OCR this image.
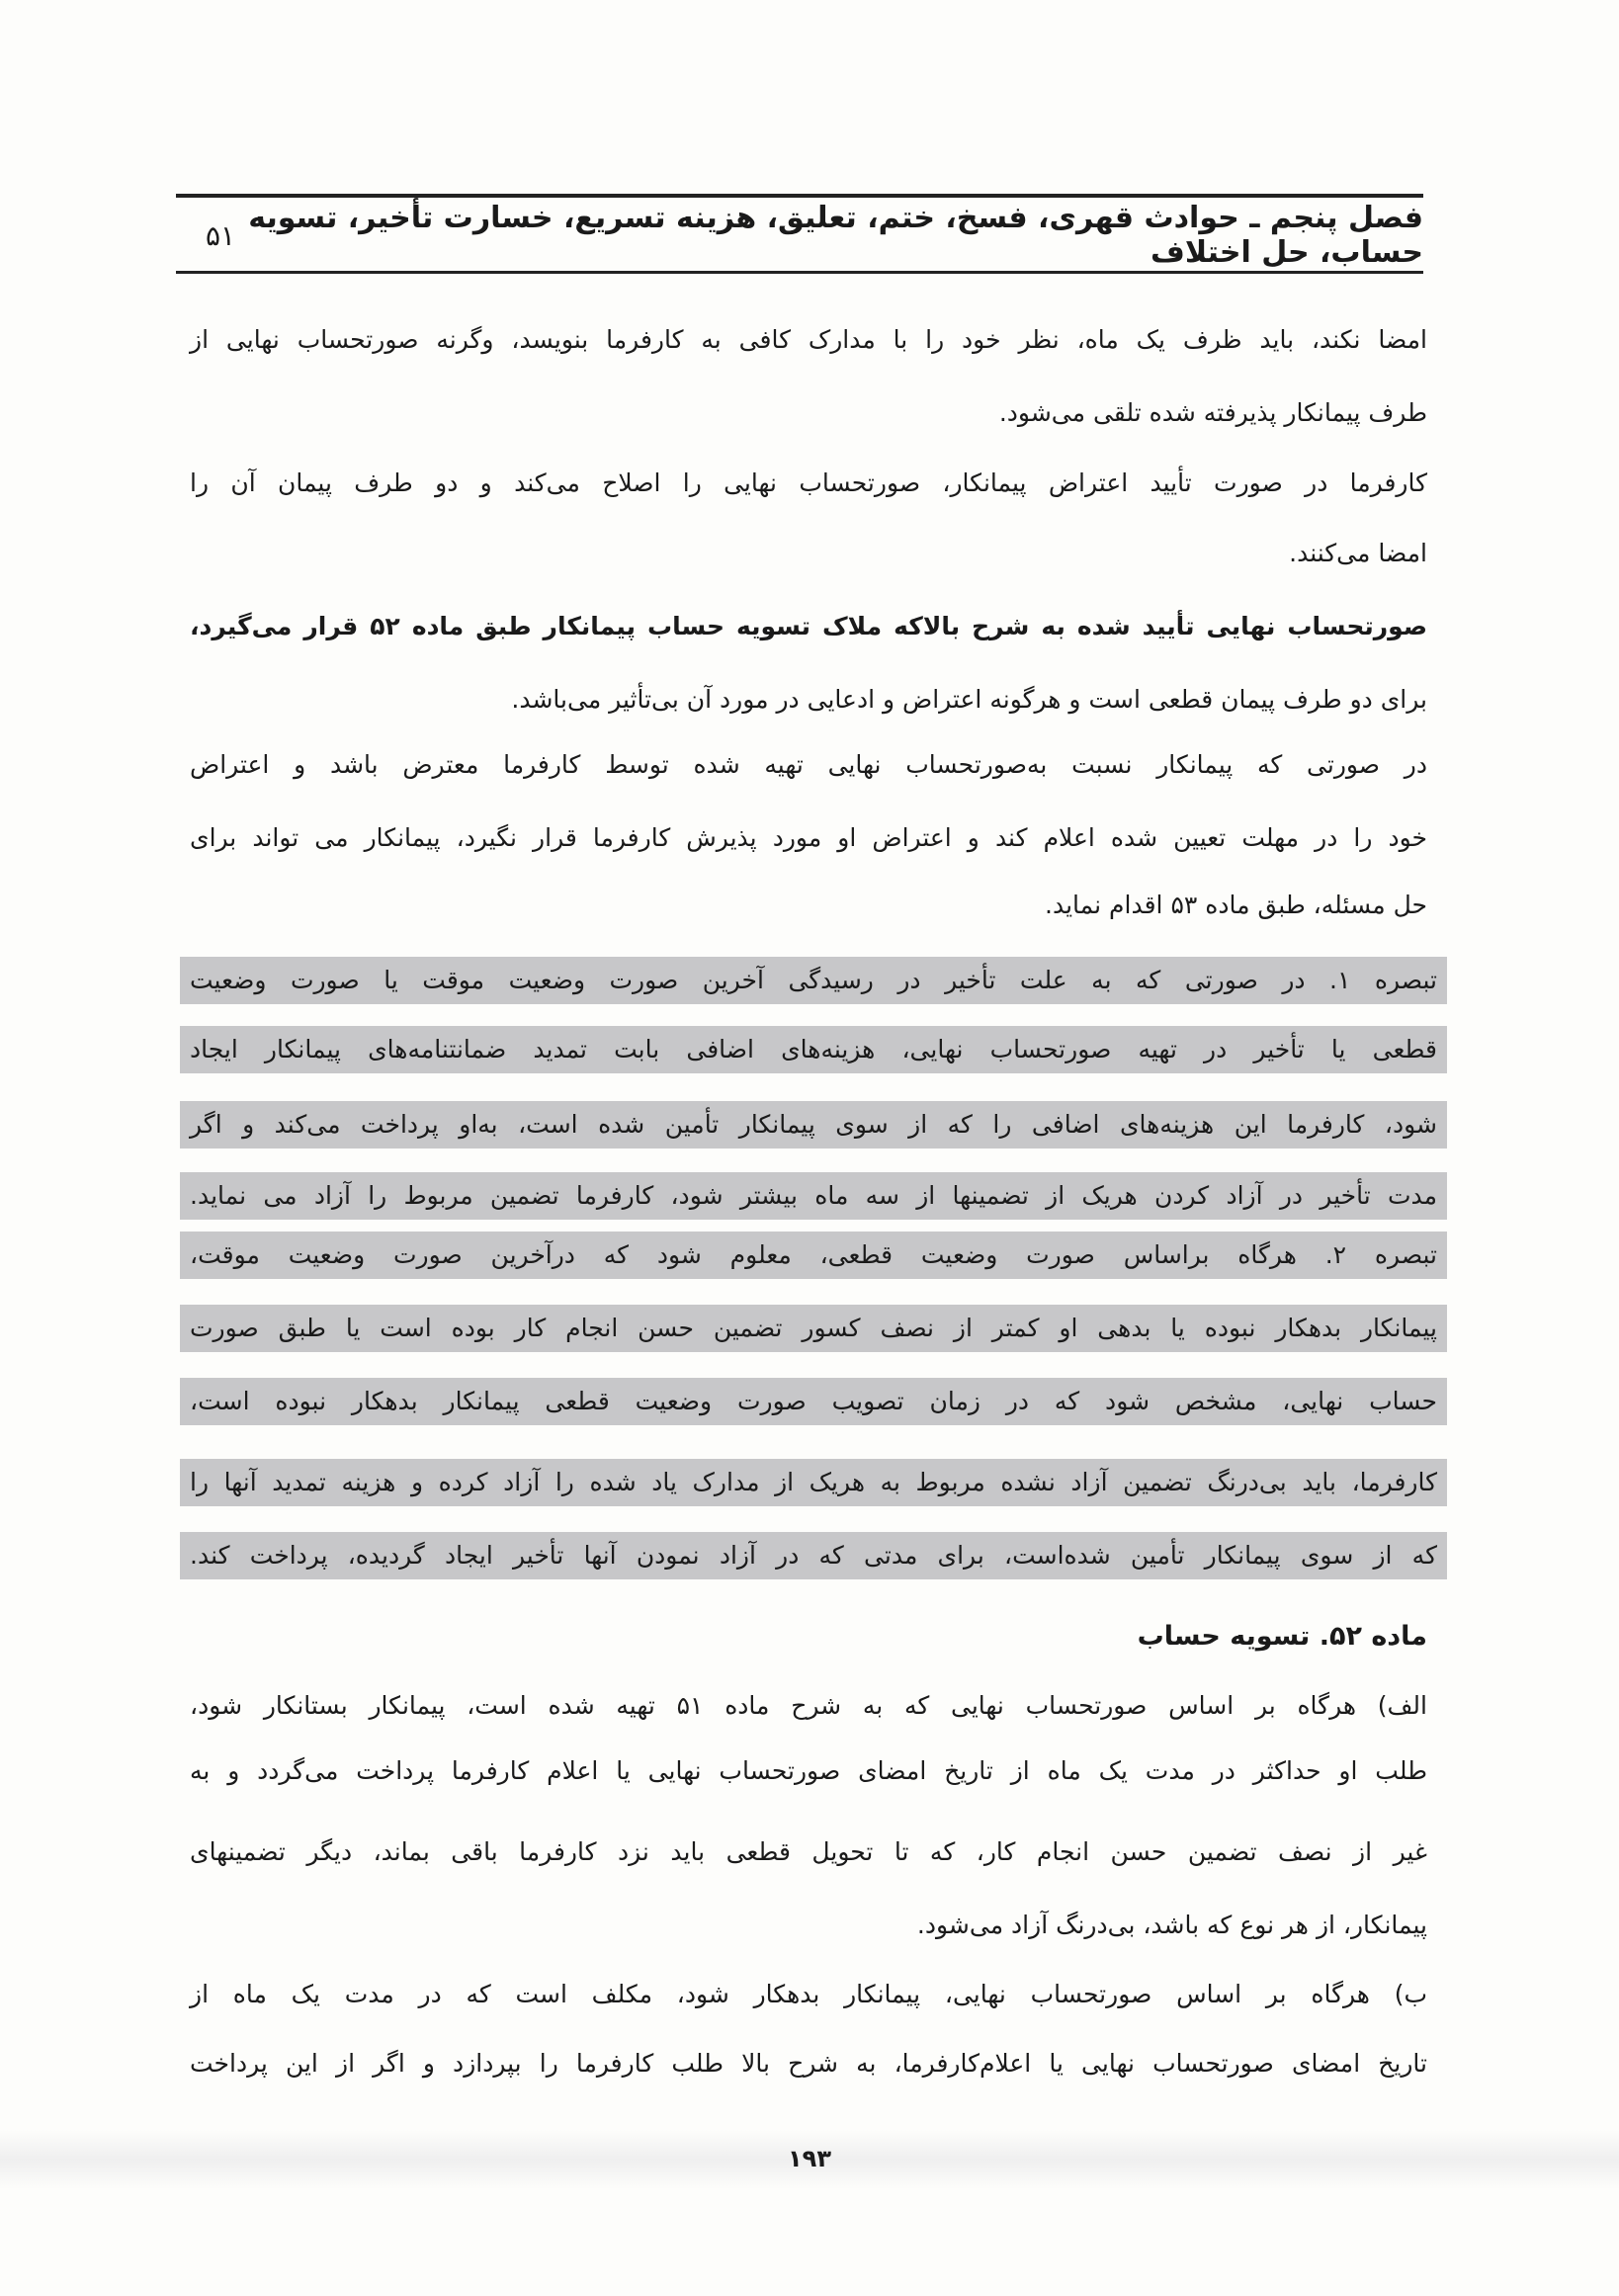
فصل پنجم ـ حوادث قهری، فسخ، ختم، تعلیق، هزینه تسریع، خسارت تأخیر، تسویه حساب، حل اختلاف
۵۱
امضا نکند، باید ظرف یک ماه، نظر خود را با مدارک کافی به کارفرما بنویسد، وگرنه صورتحساب نهایی از
طرف پیمانکار پذیرفته شده تلقی می‌شود.
کارفرما در صورت تأیید اعتراض پیمانکار، صورتحساب نهایی را اصلاح می‌کند و دو طرف پیمان آن را
امضا می‌کنند.
صورتحساب نهایی تأیید شده به شرح بالاکه ملاک تسویه حساب پیمانکار طبق ماده ۵۲ قرار می‌گیرد،
برای دو طرف پیمان قطعی است و هرگونه اعتراض و ادعایی در مورد آن بی‌تأثیر می‌باشد.
در صورتی که پیمانکار نسبت به‌صورتحساب نهایی تهیه شده توسط کارفرما معترض باشد و اعتراض
خود را در مهلت تعیین شده اعلام کند و اعتراض او مورد پذیرش کارفرما قرار نگیرد، پیمانکار می تواند برای
حل مسئله، طبق ماده ۵۳ اقدام نماید.
تبصره ۱. در صورتی که به علت تأخیر در رسیدگی آخرین صورت وضعیت موقت یا صورت وضعیت
قطعی یا تأخیر در تهیه صورتحساب نهایی، هزینه‌های اضافی بابت تمدید ضمانتنامه‌های پیمانکار ایجاد
شود، کارفرما این هزینه‌های اضافی را که از سوی پیمانکار تأمین شده است، به‌او پرداخت می‌کند و اگر
مدت تأخیر در آزاد کردن هریک از تضمینها از سه ماه بیشتر شود، کارفرما تضمین مربوط را آزاد می نماید.
تبصره ۲. هرگاه براساس صورت وضعیت قطعی، معلوم شود که درآخرین صورت وضعیت موقت،
پیمانکار بدهکار نبوده یا بدهی او کمتر از نصف کسور تضمین حسن انجام کار بوده است یا طبق صورت
حساب نهایی، مشخص شود که در زمان تصویب صورت وضعیت قطعی پیمانکار بدهکار نبوده است،
کارفرما، باید بی‌درنگ تضمین آزاد نشده مربوط به هریک از مدارک یاد شده را آزاد کرده و هزینه تمدید آنها را
که از سوی پیمانکار تأمین شده‌است، برای مدتی که در آزاد نمودن آنها تأخیر ایجاد گردیده، پرداخت کند.
ماده ۵۲. تسویه حساب
الف) هرگاه بر اساس صورتحساب نهایی که به شرح ماده ۵۱ تهیه شده است، پیمانکار بستانکار شود،
طلب او حداکثر در مدت یک ماه از تاریخ امضای صورتحساب نهایی یا اعلام کارفرما پرداخت می‌گردد و به
غیر از نصف تضمین حسن انجام کار، که تا تحویل قطعی باید نزد کارفرما باقی بماند، دیگر تضمینهای
پیمانکار، از هر نوع که باشد، بی‌درنگ آزاد می‌شود.
ب) هرگاه بر اساس صورتحساب نهایی، پیمانکار بدهکار شود، مکلف است که در مدت یک ماه از
تاریخ امضای صورتحساب نهایی یا اعلام‌کارفرما، به شرح بالا طلب کارفرما را بپردازد و اگر از این پرداخت
۱۹۳
